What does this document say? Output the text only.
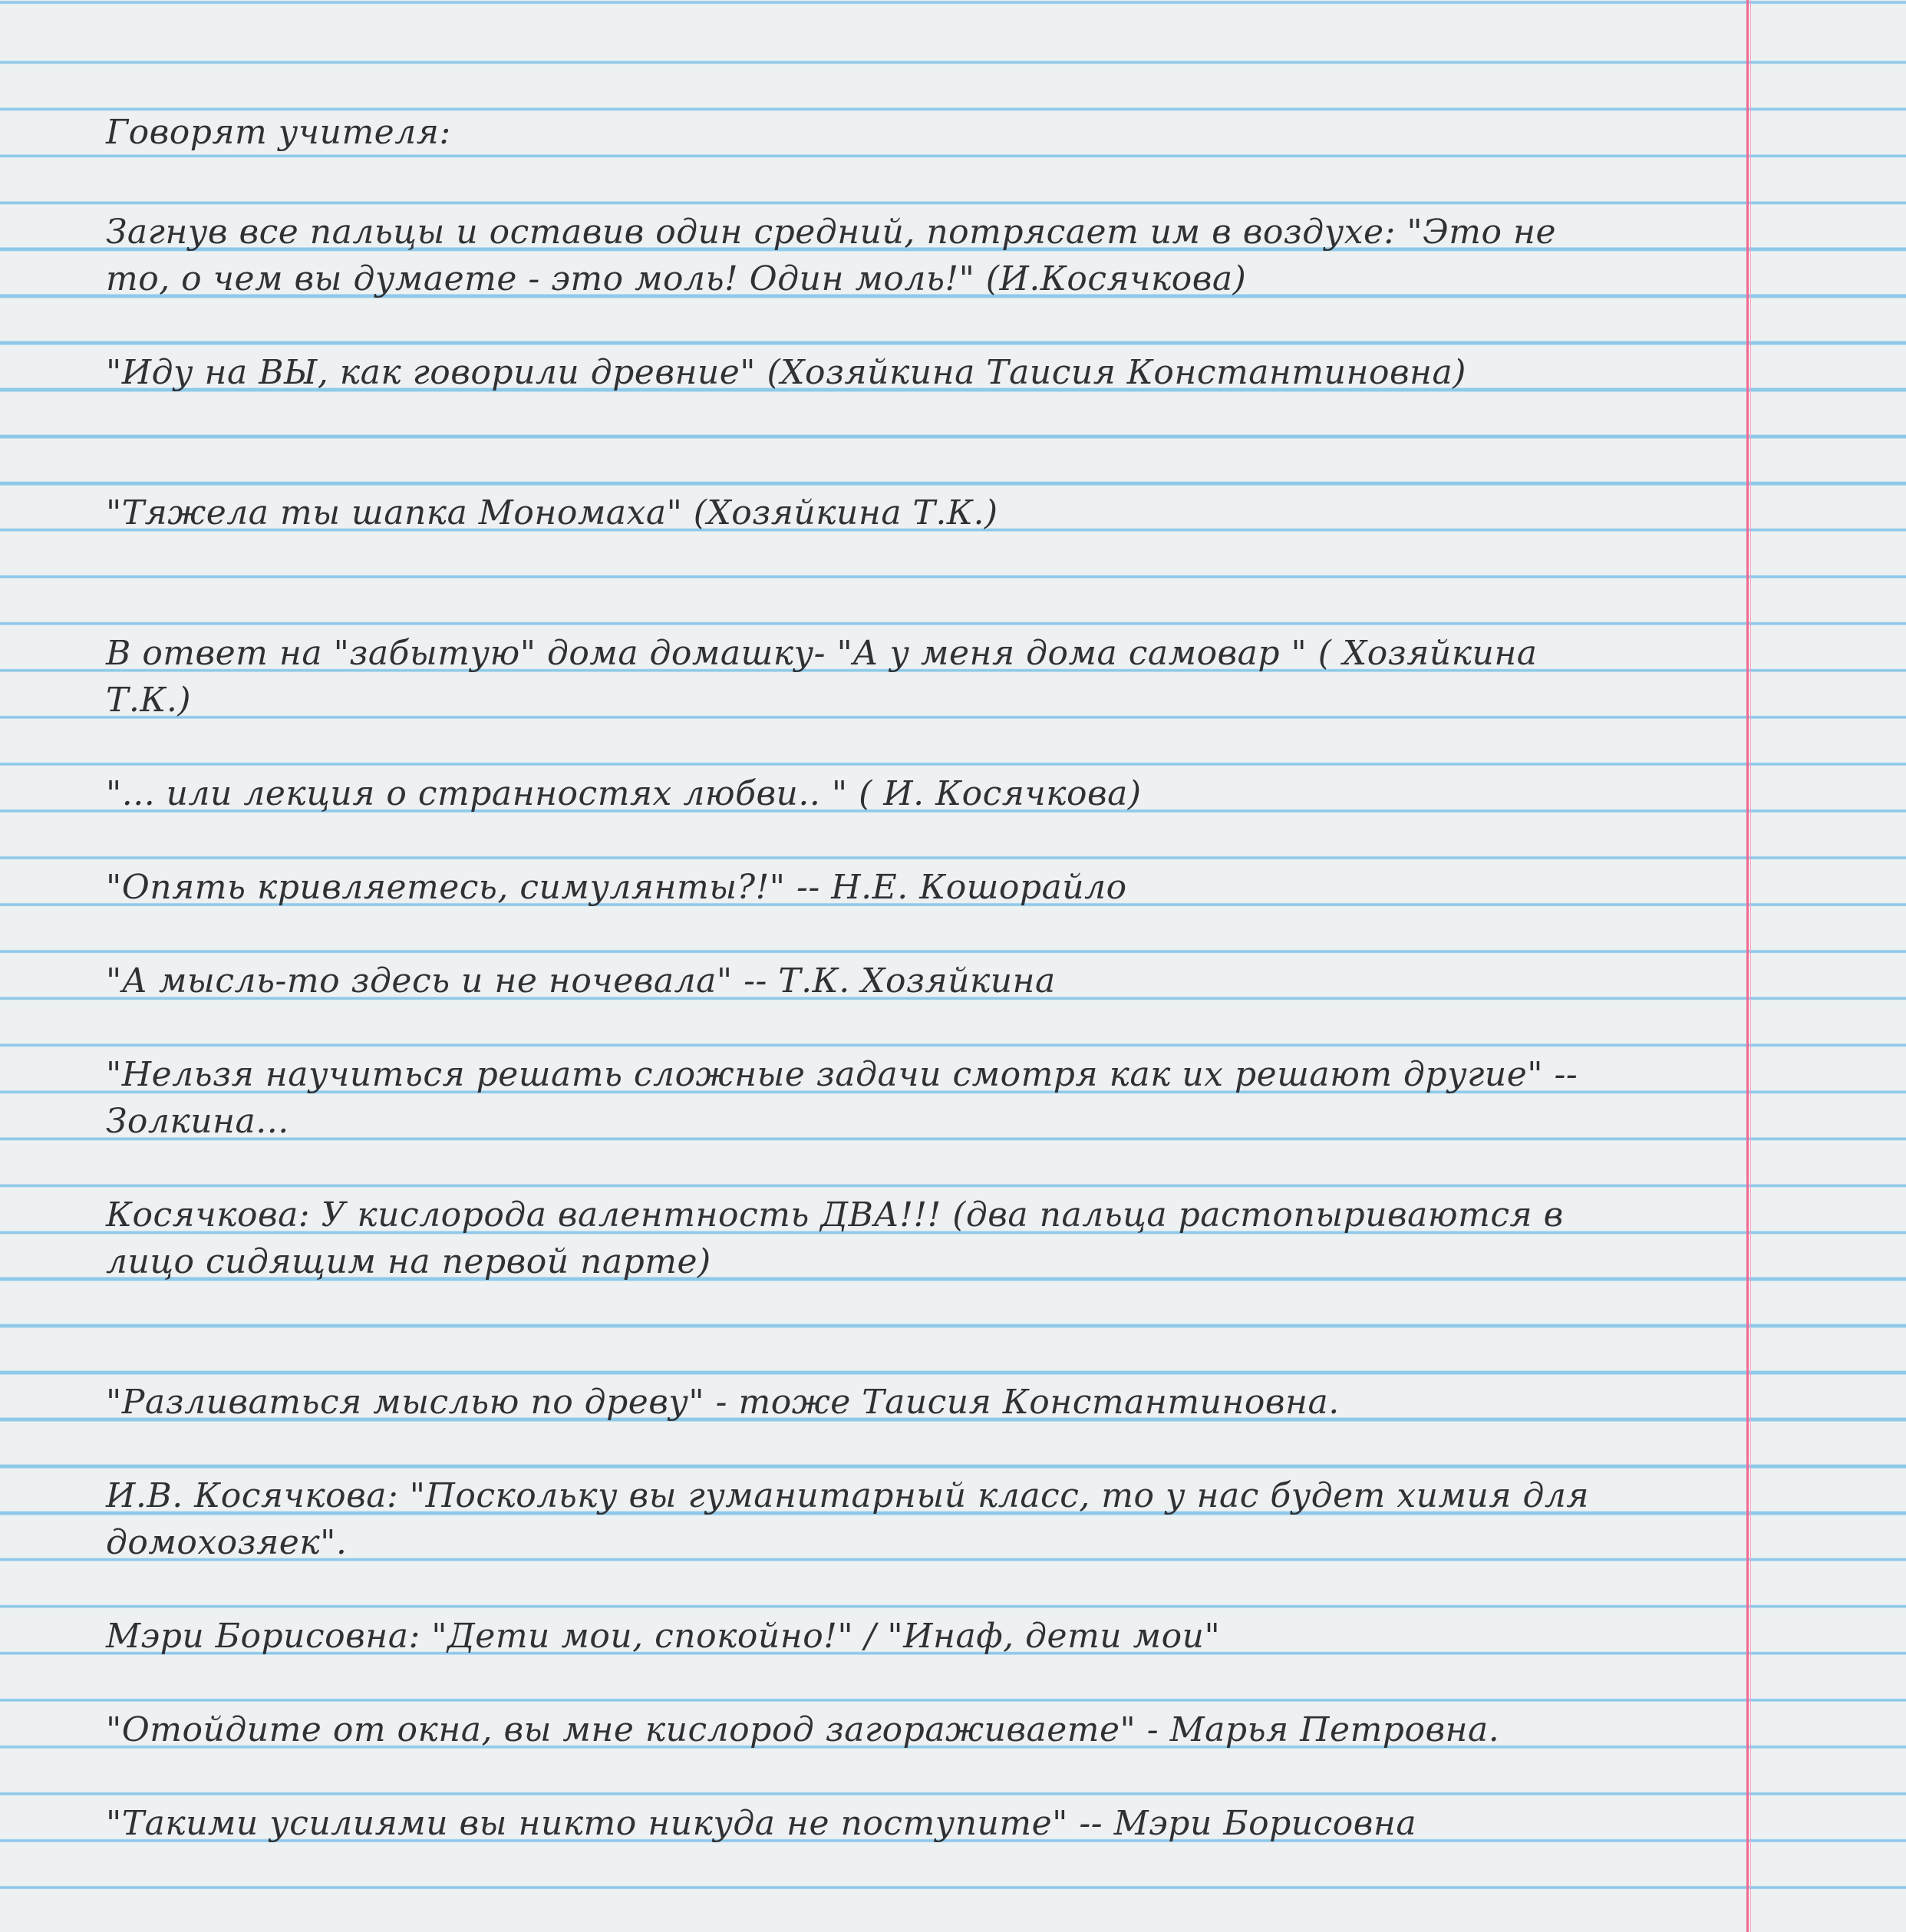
Говорят учителя:
Загнув все пальцы и оставив один средний, потрясает им в воздухе: "Это не
то, о чем вы думаете - это моль! Один моль!" (И.Косячкова)
"Иду на ВЫ, как говорили древние" (Хозяйкина Таисия Константиновна)
"Тяжела ты шапка Мономаха" (Хозяйкина Т.К.)
В ответ на "забытую" дома домашку- "А у меня дома самовар " ( Хозяйкина
Т.К.)
"... или лекция о странностях любви.. " ( И. Косячкова)
"Опять кривляетесь, симулянты?!" -- Н.Е. Кошорайло
"А мысль-то здесь и не ночевала" -- Т.К. Хозяйкина
"Нельзя научиться решать сложные задачи смотря как их решают другие" --
Золкина...
Косячкова: У кислорода валентность ДВА!!! (два пальца растопыриваются в
лицо сидящим на первой парте)
"Разливаться мыслью по древу" - тоже Таисия Константиновна.
И.В. Косячкова: "Поскольку вы гуманитарный класс, то у нас будет химия для
домохозяек".
Мэри Борисовна: "Дети мои, спокойно!" / "Инаф, дети мои"
"Отойдите от окна, вы мне кислород загораживаете" - Марья Петровна.
"Такими усилиями вы никто никуда не поступите" -- Мэри Борисовна
